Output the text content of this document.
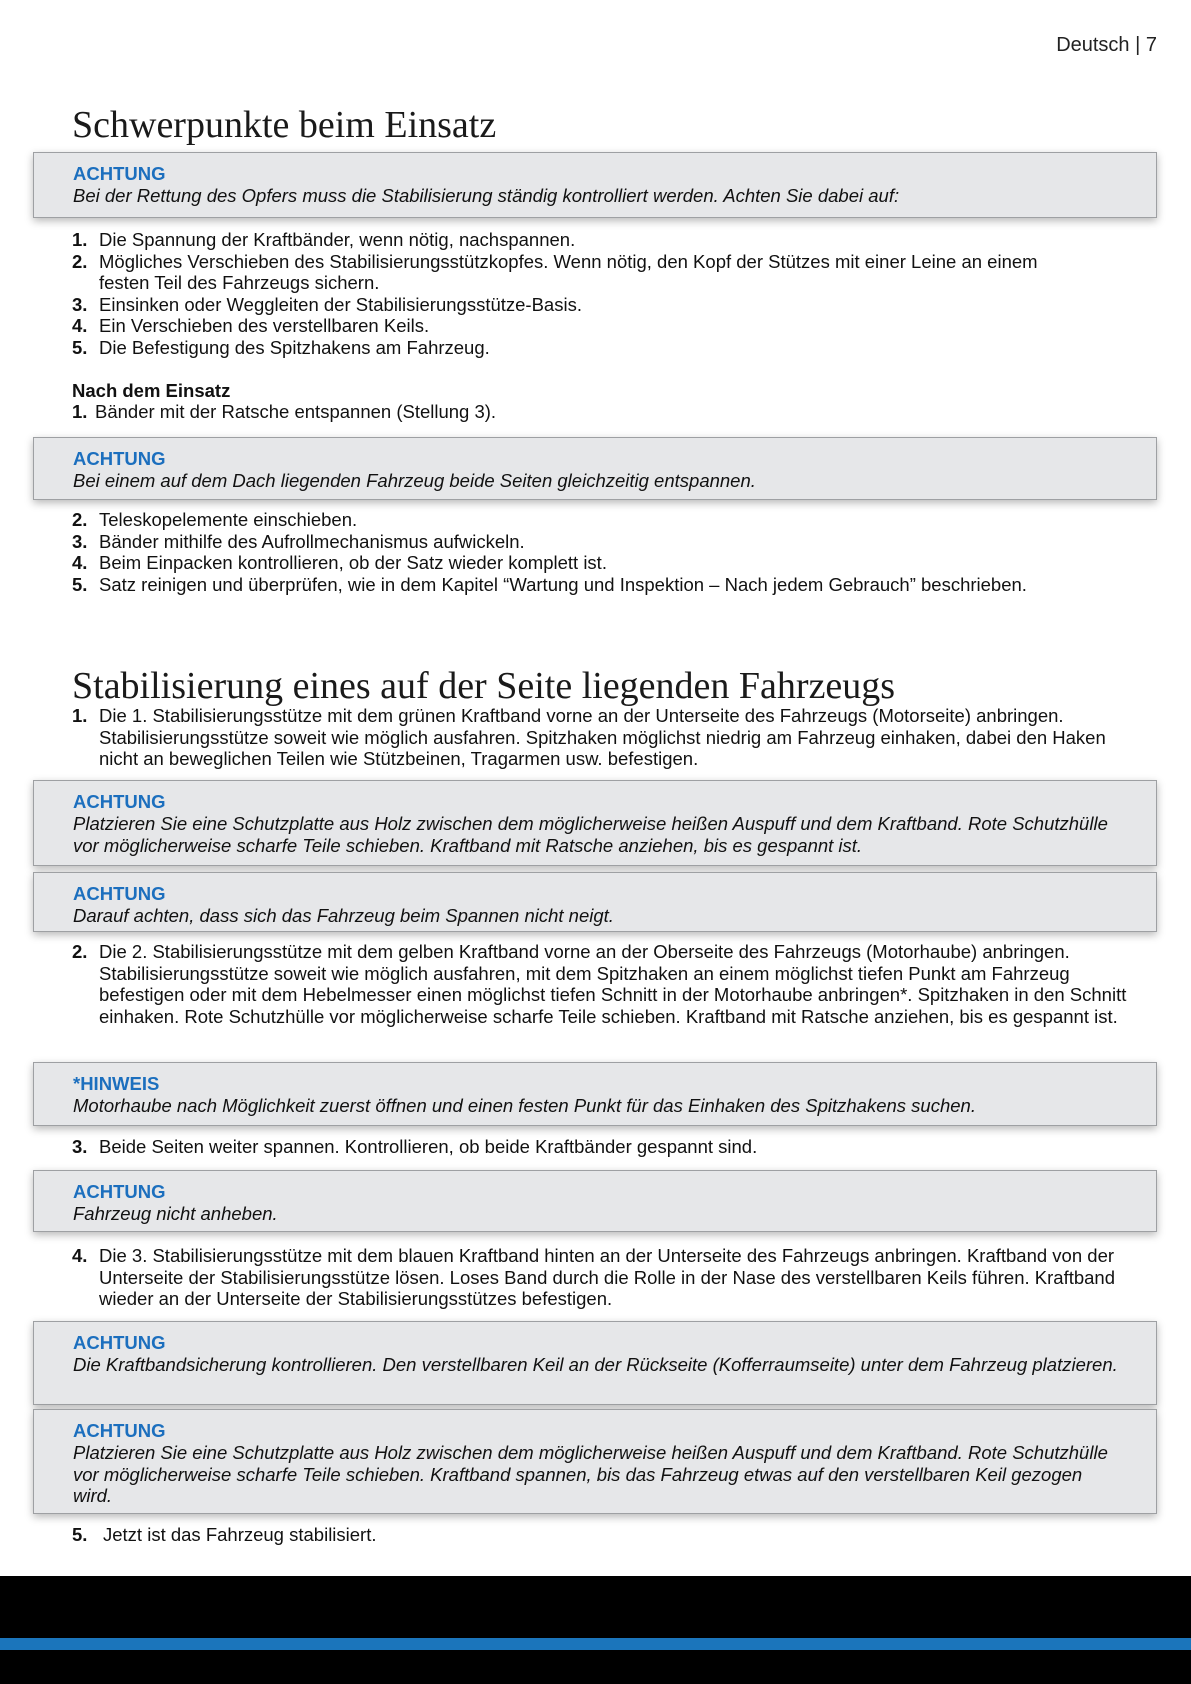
Deutsch | 7
Schwerpunkte beim Einsatz
ACHTUNG
Bei der Rettung des Opfers muss die Stabilisierung ständig kontrolliert werden. Achten Sie dabei auf:
1. Die Spannung der Kraftbänder, wenn nötig, nachspannen.
2. Mögliches Verschieben des Stabilisierungsstützkopfes. Wenn nötig, den Kopf der Stützes mit einer Leine an einem festen Teil des Fahrzeugs sichern.
3. Einsinken oder Weggleiten der Stabilisierungsstütze-Basis.
4. Ein Verschieben des verstellbaren Keils.
5. Die Befestigung des Spitzhakens am Fahrzeug.
Nach dem Einsatz
1. Bänder mit der Ratsche entspannen (Stellung 3).
ACHTUNG
Bei einem auf dem Dach liegenden Fahrzeug beide Seiten gleichzeitig entspannen.
2. Teleskopelemente einschieben.
3. Bänder mithilfe des Aufrollmechanismus aufwickeln.
4. Beim Einpacken kontrollieren, ob der Satz wieder komplett ist.
5. Satz reinigen und überprüfen, wie in dem Kapitel “Wartung und Inspektion – Nach jedem Gebrauch” beschrieben.
Stabilisierung eines auf der Seite liegenden Fahrzeugs
1. Die 1. Stabilisierungsstütze mit dem grünen Kraftband vorne an der Unterseite des Fahrzeugs (Motorseite) anbringen. Stabilisierungsstütze soweit wie möglich ausfahren. Spitzhaken möglichst niedrig am Fahrzeug einhaken, dabei den Haken nicht an beweglichen Teilen wie Stützbeinen, Tragarmen usw. befestigen.
ACHTUNG
Platzieren Sie eine Schutzplatte aus Holz zwischen dem möglicherweise heißen Auspuff und dem Kraftband. Rote Schutzhülle vor möglicherweise scharfe Teile schieben. Kraftband mit Ratsche anziehen, bis es gespannt ist.
ACHTUNG
Darauf achten, dass sich das Fahrzeug beim Spannen nicht neigt.
2. Die 2. Stabilisierungsstütze mit dem gelben Kraftband vorne an der Oberseite des Fahrzeugs (Motorhaube) anbringen. Stabilisierungsstütze soweit wie möglich ausfahren, mit dem Spitzhaken an einem möglichst tiefen Punkt am Fahrzeug befestigen oder mit dem Hebelmesser einen möglichst tiefen Schnitt in der Motorhaube anbringen*. Spitzhaken in den Schnitt einhaken. Rote Schutzhülle vor möglicherweise scharfe Teile schieben. Kraftband mit Ratsche anziehen, bis es gespannt ist.
*HINWEIS
Motorhaube nach Möglichkeit zuerst öffnen und einen festen Punkt für das Einhaken des Spitzhakens suchen.
3. Beide Seiten weiter spannen. Kontrollieren, ob beide Kraftbänder gespannt sind.
ACHTUNG
Fahrzeug nicht anheben.
4. Die 3. Stabilisierungsstütze mit dem blauen Kraftband hinten an der Unterseite des Fahrzeugs anbringen. Kraftband von der Unterseite der Stabilisierungsstütze lösen. Loses Band durch die Rolle in der Nase des verstellbaren Keils führen. Kraftband wieder an der Unterseite der Stabilisierungsstützes befestigen.
ACHTUNG
Die Kraftbandsicherung kontrollieren. Den verstellbaren Keil an der Rückseite (Kofferraumseite) unter dem Fahrzeug platzieren.
ACHTUNG
Platzieren Sie eine Schutzplatte aus Holz zwischen dem möglicherweise heißen Auspuff und dem Kraftband. Rote Schutzhülle vor möglicherweise scharfe Teile schieben. Kraftband spannen, bis das Fahrzeug etwas auf den verstellbaren Keil gezogen wird.
5. Jetzt ist das Fahrzeug stabilisiert.
